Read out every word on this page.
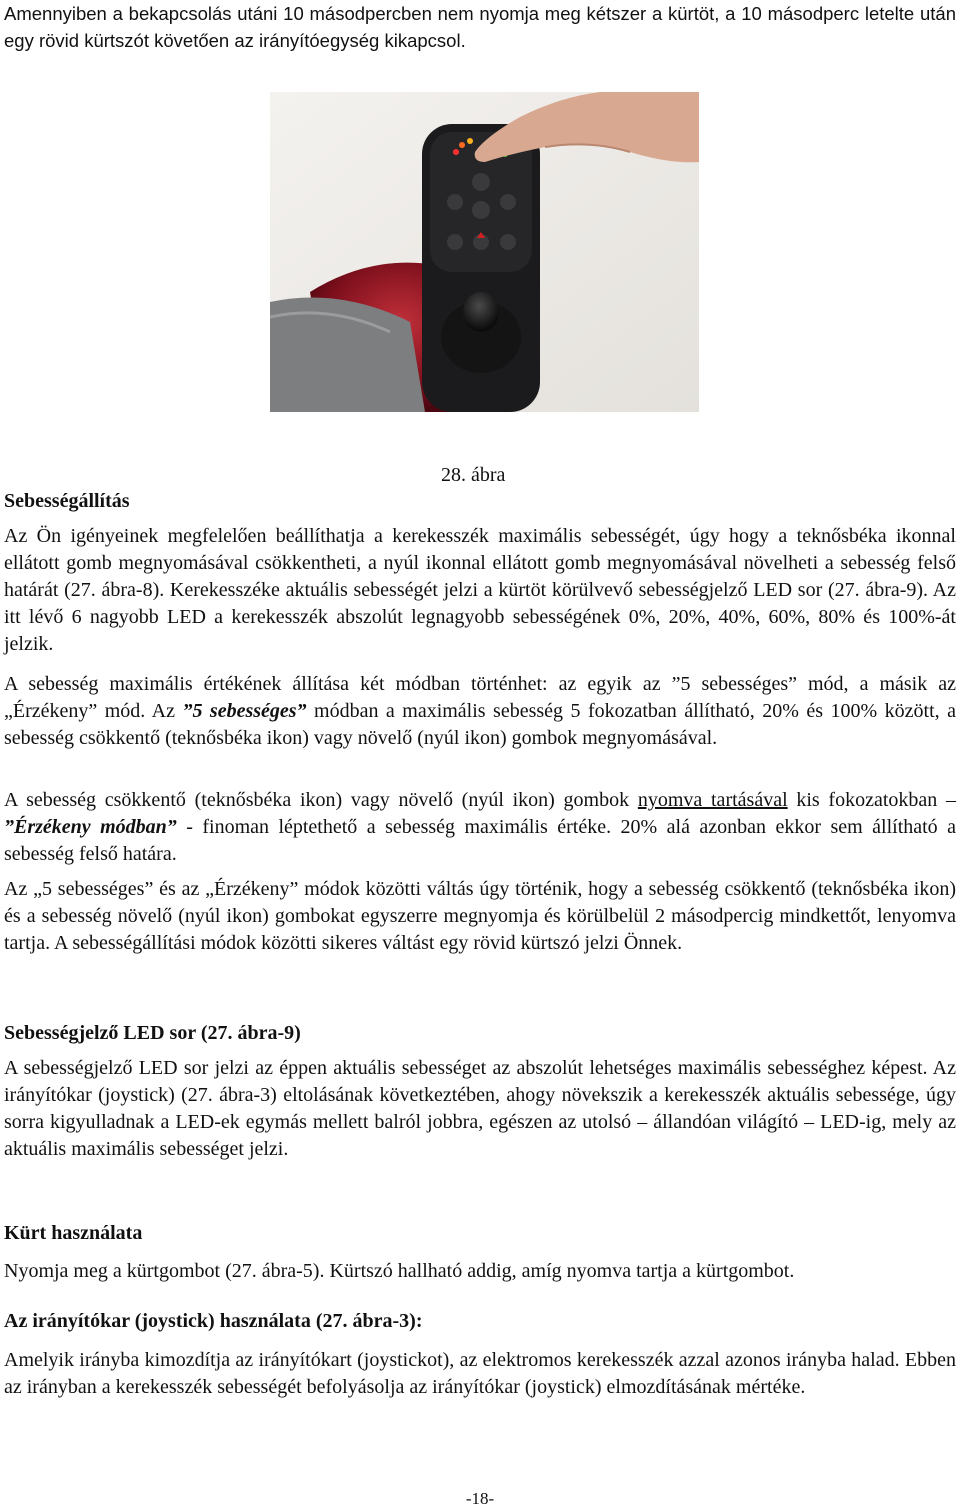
Amennyiben a bekapcsolás utáni 10 másodpercben nem nyomja meg kétszer a kürtöt, a 10 másodperc letelte után egy rövid kürtszót követően az irányítóegység kikapcsol.

28. ábra

Sebességállítás

Az Ön igényeinek megfelelően beállíthatja a kerekesszék maximális sebességét, úgy hogy a teknősbéka ikonnal ellátott gomb megnyomásával csökkentheti, a nyúl ikonnal ellátott gomb megnyomásával növelheti a sebesség felső határát (27. ábra-8). Kerekesszéke aktuális sebességét jelzi a kürtöt körülvevő sebességjelző LED sor (27. ábra-9). Az itt lévő 6 nagyobb LED a kerekesszék abszolút legnagyobb sebességének 0%, 20%, 40%, 60%, 80% és 100%-át jelzik.

A sebesség maximális értékének állítása két módban történhet: az egyik az ”5 sebességes” mód, a másik az „Érzékeny” mód. Az ”5 sebességes” módban a maximális sebesség 5 fokozatban állítható, 20% és 100% között, a sebesség csökkentő (teknősbéka ikon) vagy növelő (nyúl ikon) gombok megnyomásával.

A sebesség csökkentő (teknősbéka ikon) vagy növelő (nyúl ikon) gombok nyomva tartásával kis fokozatokban – ”Érzékeny módban” - finoman léptethető a sebesség maximális értéke. 20% alá azonban ekkor sem állítható a sebesség felső határa.

Az „5 sebességes” és az „Érzékeny” módok közötti váltás úgy történik, hogy a sebesség csökkentő (teknősbéka ikon) és a sebesség növelő (nyúl ikon) gombokat egyszerre megnyomja és körülbelül 2 másodpercig mindkettőt, lenyomva tartja. A sebességállítási módok közötti sikeres váltást egy rövid kürtszó jelzi Önnek.

Sebességjelző LED sor (27. ábra-9)

A sebességjelző LED sor jelzi az éppen aktuális sebességet az abszolút lehetséges maximális sebességhez képest. Az irányítókar (joystick) (27. ábra-3) eltolásának következtében, ahogy növekszik a kerekesszék aktuális sebessége, úgy sorra kigyulladnak a LED-ek egymás mellett balról jobbra, egészen az utolsó – állandóan világító – LED-ig, mely az aktuális maximális sebességet jelzi.

Kürt használata

Nyomja meg a kürtgombot (27. ábra-5). Kürtszó hallható addig, amíg nyomva tartja a kürtgombot.

Az irányítókar (joystick) használata (27. ábra-3):

Amelyik irányba kimozdítja az irányítókart (joystickot), az elektromos kerekesszék azzal azonos irányba halad. Ebben az irányban a kerekesszék sebességét befolyásolja az irányítókar (joystick) elmozdításának mértéke.

-18-
